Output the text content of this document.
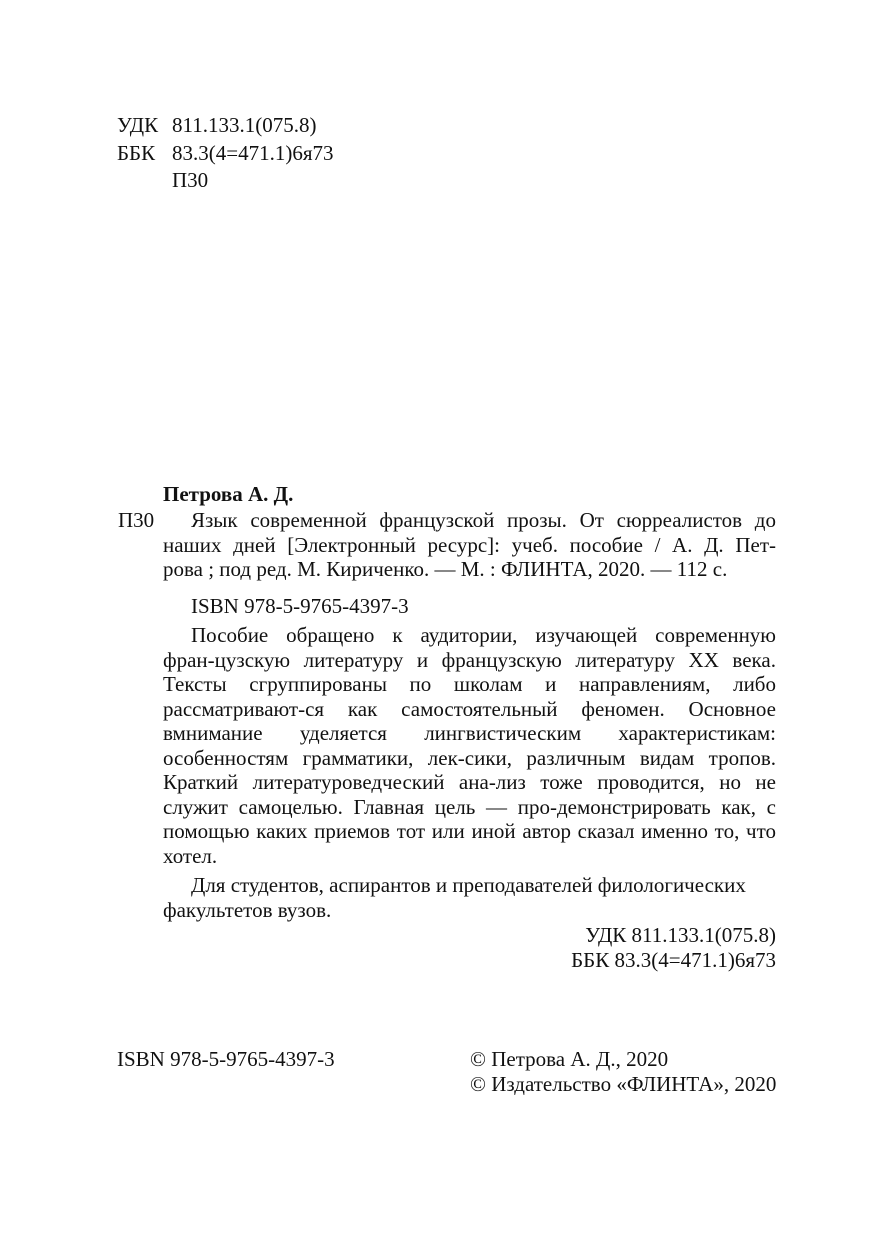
УДК 811.133.1(075.8)
ББК 83.3(4=471.1)6я73
П30
Петрова А. Д.
П30	Язык современной французской прозы. От сюрреалистов до
наших дней [Электронный ресурс]: учеб. пособие / А. Д. Пет-
рова ; под ред. М. Кириченко. — М. : ФЛИНТА, 2020. — 112 с.
ISBN 978-5-9765-4397-3
Пособие обращено к аудитории, изучающей современную
фран-цузскую литературу и французскую литературу XX века.
Тексты сгруппированы по школам и направлениям, либо
рассматривают-ся как самостоятельный феномен. Основное
вмнимание уделяется лингвистическим характеристикам:
особенностям грамматики, лек-сики, различным видам тропов.
Краткий литературоведческий ана-лиз тоже проводится, но не
служит самоцелью. Главная цель — про-демонстрировать как, с
помощью каких приемов тот или иной автор сказал именно то, что
хотел.
Для студентов, аспирантов и преподавателей филологических
факультетов вузов.
УДК 811.133.1(075.8)
ББК 83.3(4=471.1)6я73
ISBN 978-5-9765-4397-3	© Петрова А. Д., 2020
© Издательство «ФЛИНТА», 2020
